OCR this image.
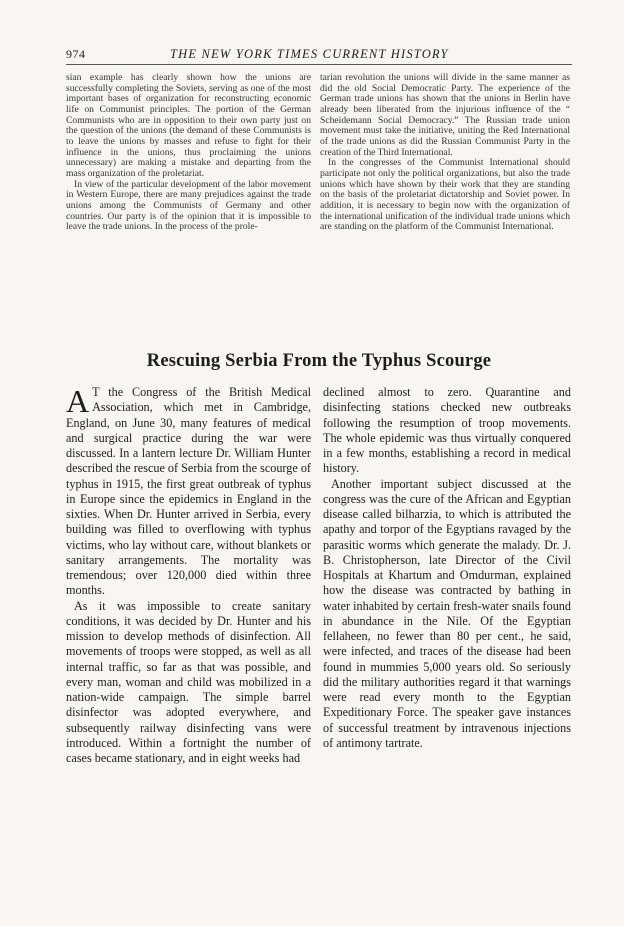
974	THE NEW YORK TIMES CURRENT HISTORY

sian example has clearly shown how the unions are successfully completing the Soviets, serving as one of the most important bases of organization for reconstructing economic life on Communist principles. The portion of the German Communists who are in opposition to their own party just on the question of the unions (the demand of these Communists is to leave the unions by masses and refuse to fight for their influence in the unions, thus proclaiming the unions unnecessary) are making a mistake and departing from the mass organization of the proletariat.

In view of the particular development of the labor movement in Western Europe, there are many prejudices against the trade unions among the Communists of Germany and other countries. Our party is of the opinion that it is impossible to leave the trade unions. In the process of the prole-

tarian revolution the unions will divide in the same manner as did the old Social Democratic Party. The experience of the German trade unions has shown that the unions in Berlin have already been liberated from the injurious influence of the “ Scheidemann Social Democracy.” The Russian trade union movement must take the initiative, uniting the Red International of the trade unions as did the Russian Communist Party in the creation of the Third International.

In the congresses of the Communist International should participate not only the political organizations, but also the trade unions which have shown by their work that they are standing on the basis of the proletariat dictatorship and Soviet power. In addition, it is necessary to begin now with the organization of the international unification of the individual trade unions which are standing on the platform of the Communist International.

Rescuing Serbia From the Typhus Scourge

A T the Congress of the British Medical Association, which met in Cambridge, England, on June 30, many features of medical and surgical practice during the war were discussed. In a lantern lecture Dr. William Hunter described the rescue of Serbia from the scourge of typhus in 1915, the first great outbreak of typhus in Europe since the epidemics in England in the sixties. When Dr. Hunter arrived in Serbia, every building was filled to overflowing with typhus victims, who lay without care, without blankets or sanitary arrangements. The mortality was tremendous; over 120,000 died within three months.

As it was impossible to create sanitary conditions, it was decided by Dr. Hunter and his mission to develop methods of disinfection. All movements of troops were stopped, as well as all internal traffic, so far as that was possible, and every man, woman and child was mobilized in a nation-wide campaign. The simple barrel disinfector was adopted everywhere, and subsequently railway disinfecting vans were introduced. Within a fortnight the number of cases became stationary, and in eight weeks had

declined almost to zero. Quarantine and disinfecting stations checked new outbreaks following the resumption of troop movements. The whole epidemic was thus virtually conquered in a few months, establishing a record in medical history.

Another important subject discussed at the congress was the cure of the African and Egyptian disease called bilharzia, to which is attributed the apathy and torpor of the Egyptians ravaged by the parasitic worms which generate the malady. Dr. J. B. Christopherson, late Director of the Civil Hospitals at Khartum and Omdurman, explained how the disease was contracted by bathing in water inhabited by certain fresh-water snails found in abundance in the Nile. Of the Egyptian fellaheen, no fewer than 80 per cent., he said, were infected, and traces of the disease had been found in mummies 5,000 years old. So seriously did the military authorities regard it that warnings were read every month to the Egyptian Expeditionary Force. The speaker gave instances of successful treatment by intravenous injections of antimony tartrate.
